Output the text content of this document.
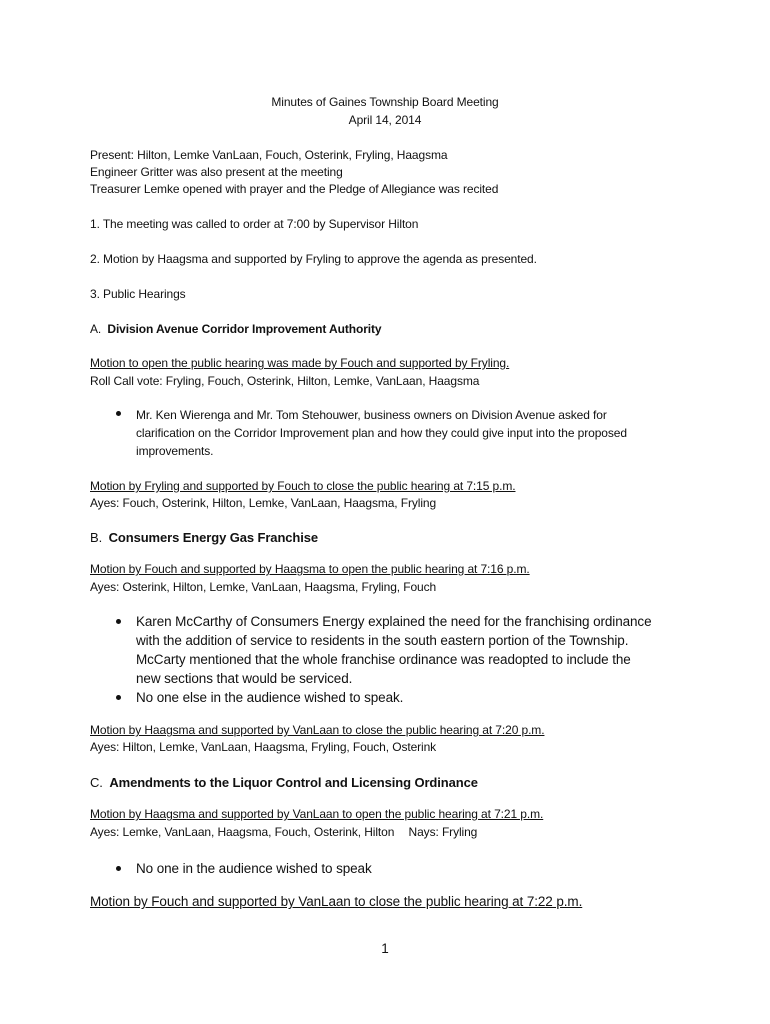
Minutes of Gaines Township Board Meeting
April 14, 2014
Present: Hilton, Lemke VanLaan, Fouch, Osterink, Fryling, Haagsma
Engineer Gritter was also present at the meeting
Treasurer Lemke opened with prayer and the Pledge of Allegiance was recited
1. The meeting was called to order at 7:00 by Supervisor Hilton
2. Motion by Haagsma and supported by Fryling to approve the agenda as presented.
3. Public Hearings
A. Division Avenue Corridor Improvement Authority
Motion to open the public hearing was made by Fouch and supported by Fryling.
Roll Call vote: Fryling, Fouch, Osterink, Hilton, Lemke, VanLaan, Haagsma
Mr. Ken Wierenga and Mr. Tom Stehouwer, business owners on Division Avenue asked for
clarification on the Corridor Improvement plan and how they could give input into the proposed
improvements.
Motion by Fryling and supported by Fouch to close the public hearing at 7:15 p.m.
Ayes: Fouch, Osterink, Hilton, Lemke, VanLaan, Haagsma, Fryling
B. Consumers Energy Gas Franchise
Motion by Fouch and supported by Haagsma to open the public hearing at 7:16 p.m.
Ayes: Osterink, Hilton, Lemke, VanLaan, Haagsma, Fryling, Fouch
Karen McCarthy of Consumers Energy explained the need for the franchising ordinance
with the addition of service to residents in the south eastern portion of the Township.
McCarty mentioned that the whole franchise ordinance was readopted to include the
new sections that would be serviced.
No one else in the audience wished to speak.
Motion by Haagsma and supported by VanLaan to close the public hearing at 7:20 p.m.
Ayes: Hilton, Lemke, VanLaan, Haagsma, Fryling, Fouch, Osterink
C. Amendments to the Liquor Control and Licensing Ordinance
Motion by Haagsma and supported by VanLaan to open the public hearing at 7:21 p.m.
Ayes: Lemke, VanLaan, Haagsma, Fouch, Osterink, Hilton Nays: Fryling
No one in the audience wished to speak
Motion by Fouch and supported by VanLaan to close the public hearing at 7:22 p.m.
1
